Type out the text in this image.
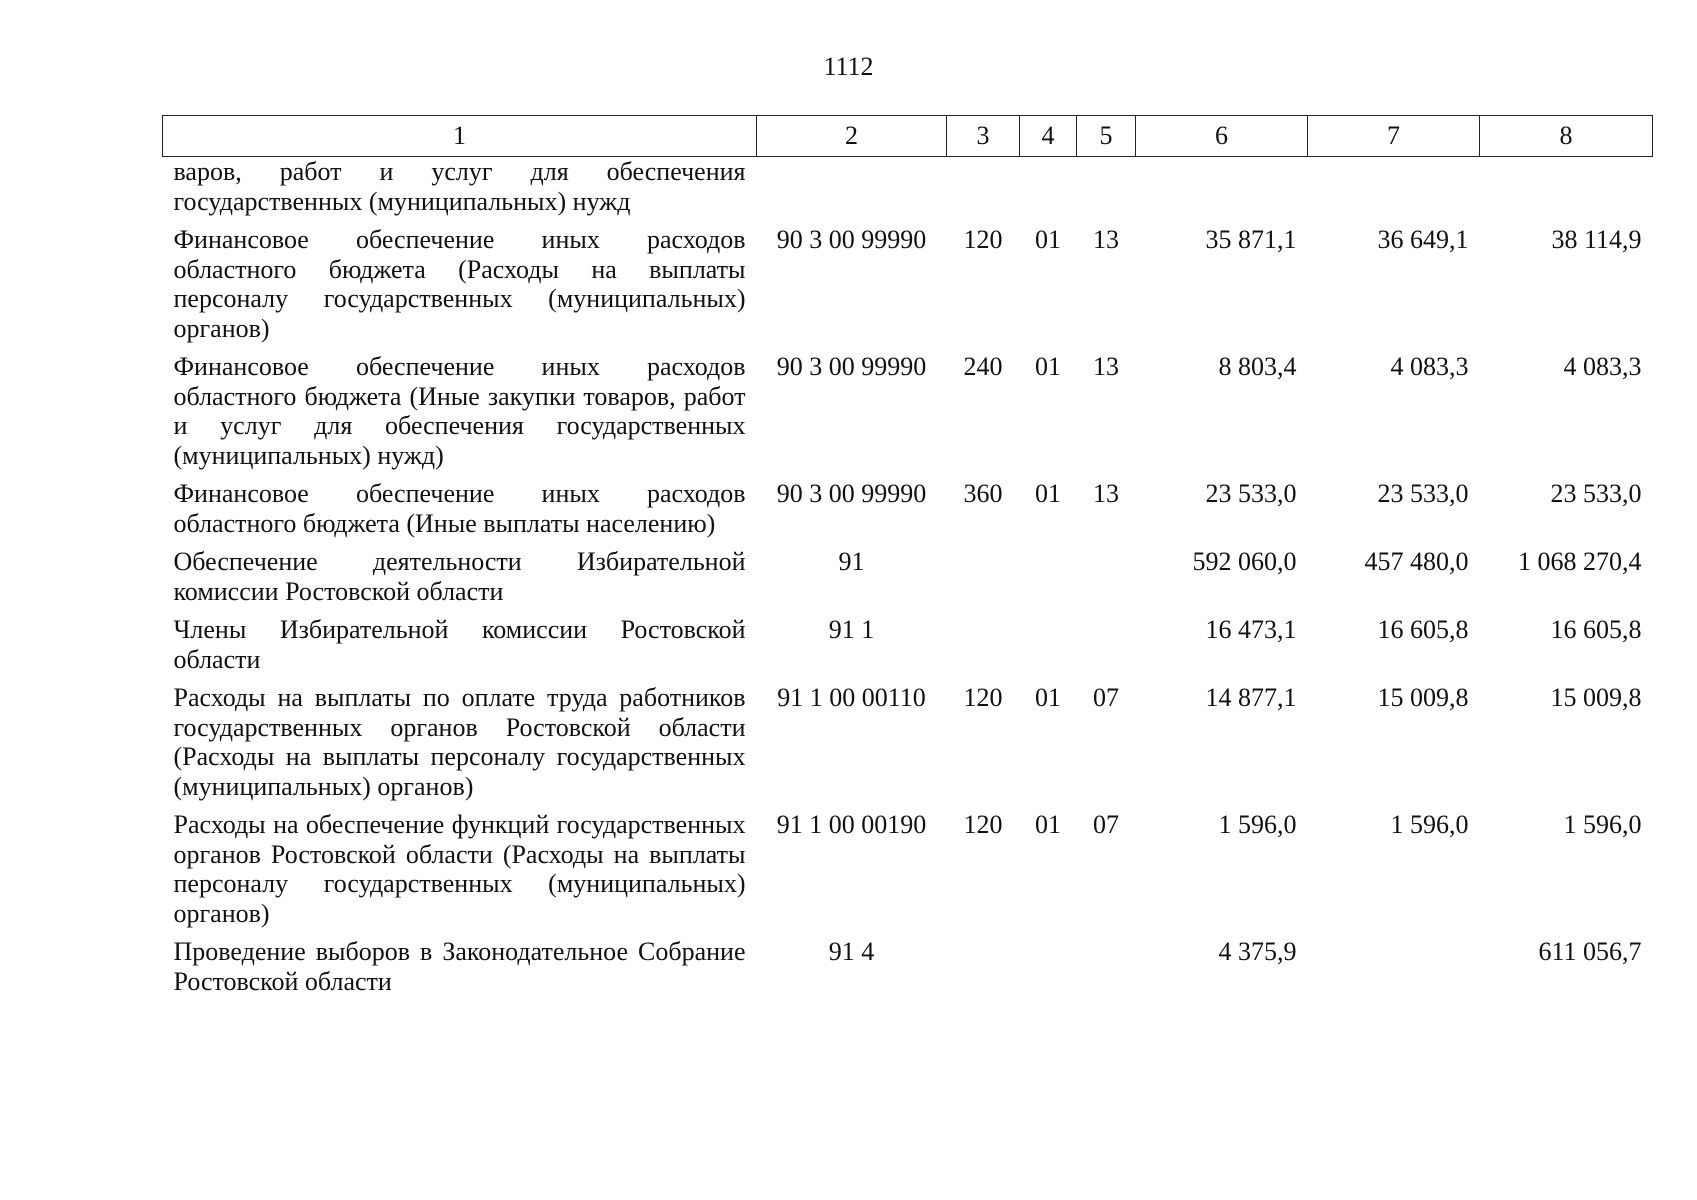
1112
1	2	3	4	5	6	7	8
варов, работ и услуг для обеспечения государственных (муниципальных) нужд							
Финансовое обеспечение иных расходов областного бюджета (Расходы на выплаты персоналу государственных (муниципальных) органов)	90 3 00 99990	120	01	13	35 871,1	36 649,1	38 114,9
Финансовое обеспечение иных расходов областного бюджета (Иные закупки товаров, работ и услуг для обеспечения государственных (муниципальных) нужд)	90 3 00 99990	240	01	13	8 803,4	4 083,3	4 083,3
Финансовое обеспечение иных расходов областного бюджета (Иные выплаты населению)	90 3 00 99990	360	01	13	23 533,0	23 533,0	23 533,0
Обеспечение деятельности Избирательной комиссии Ростовской области	91				592 060,0	457 480,0	1 068 270,4
Члены Избирательной комиссии Ростовской области	91 1				16 473,1	16 605,8	16 605,8
Расходы на выплаты по оплате труда работников государственных органов Ростовской области (Расходы на выплаты персоналу государственных (муниципальных) органов)	91 1 00 00110	120	01	07	14 877,1	15 009,8	15 009,8
Расходы на обеспечение функций государственных органов Ростовской области (Расходы на выплаты персоналу государственных (муниципальных) органов)	91 1 00 00190	120	01	07	1 596,0	1 596,0	1 596,0
Проведение выборов в Законодательное Собрание Ростовской области	91 4				4 375,9		611 056,7
